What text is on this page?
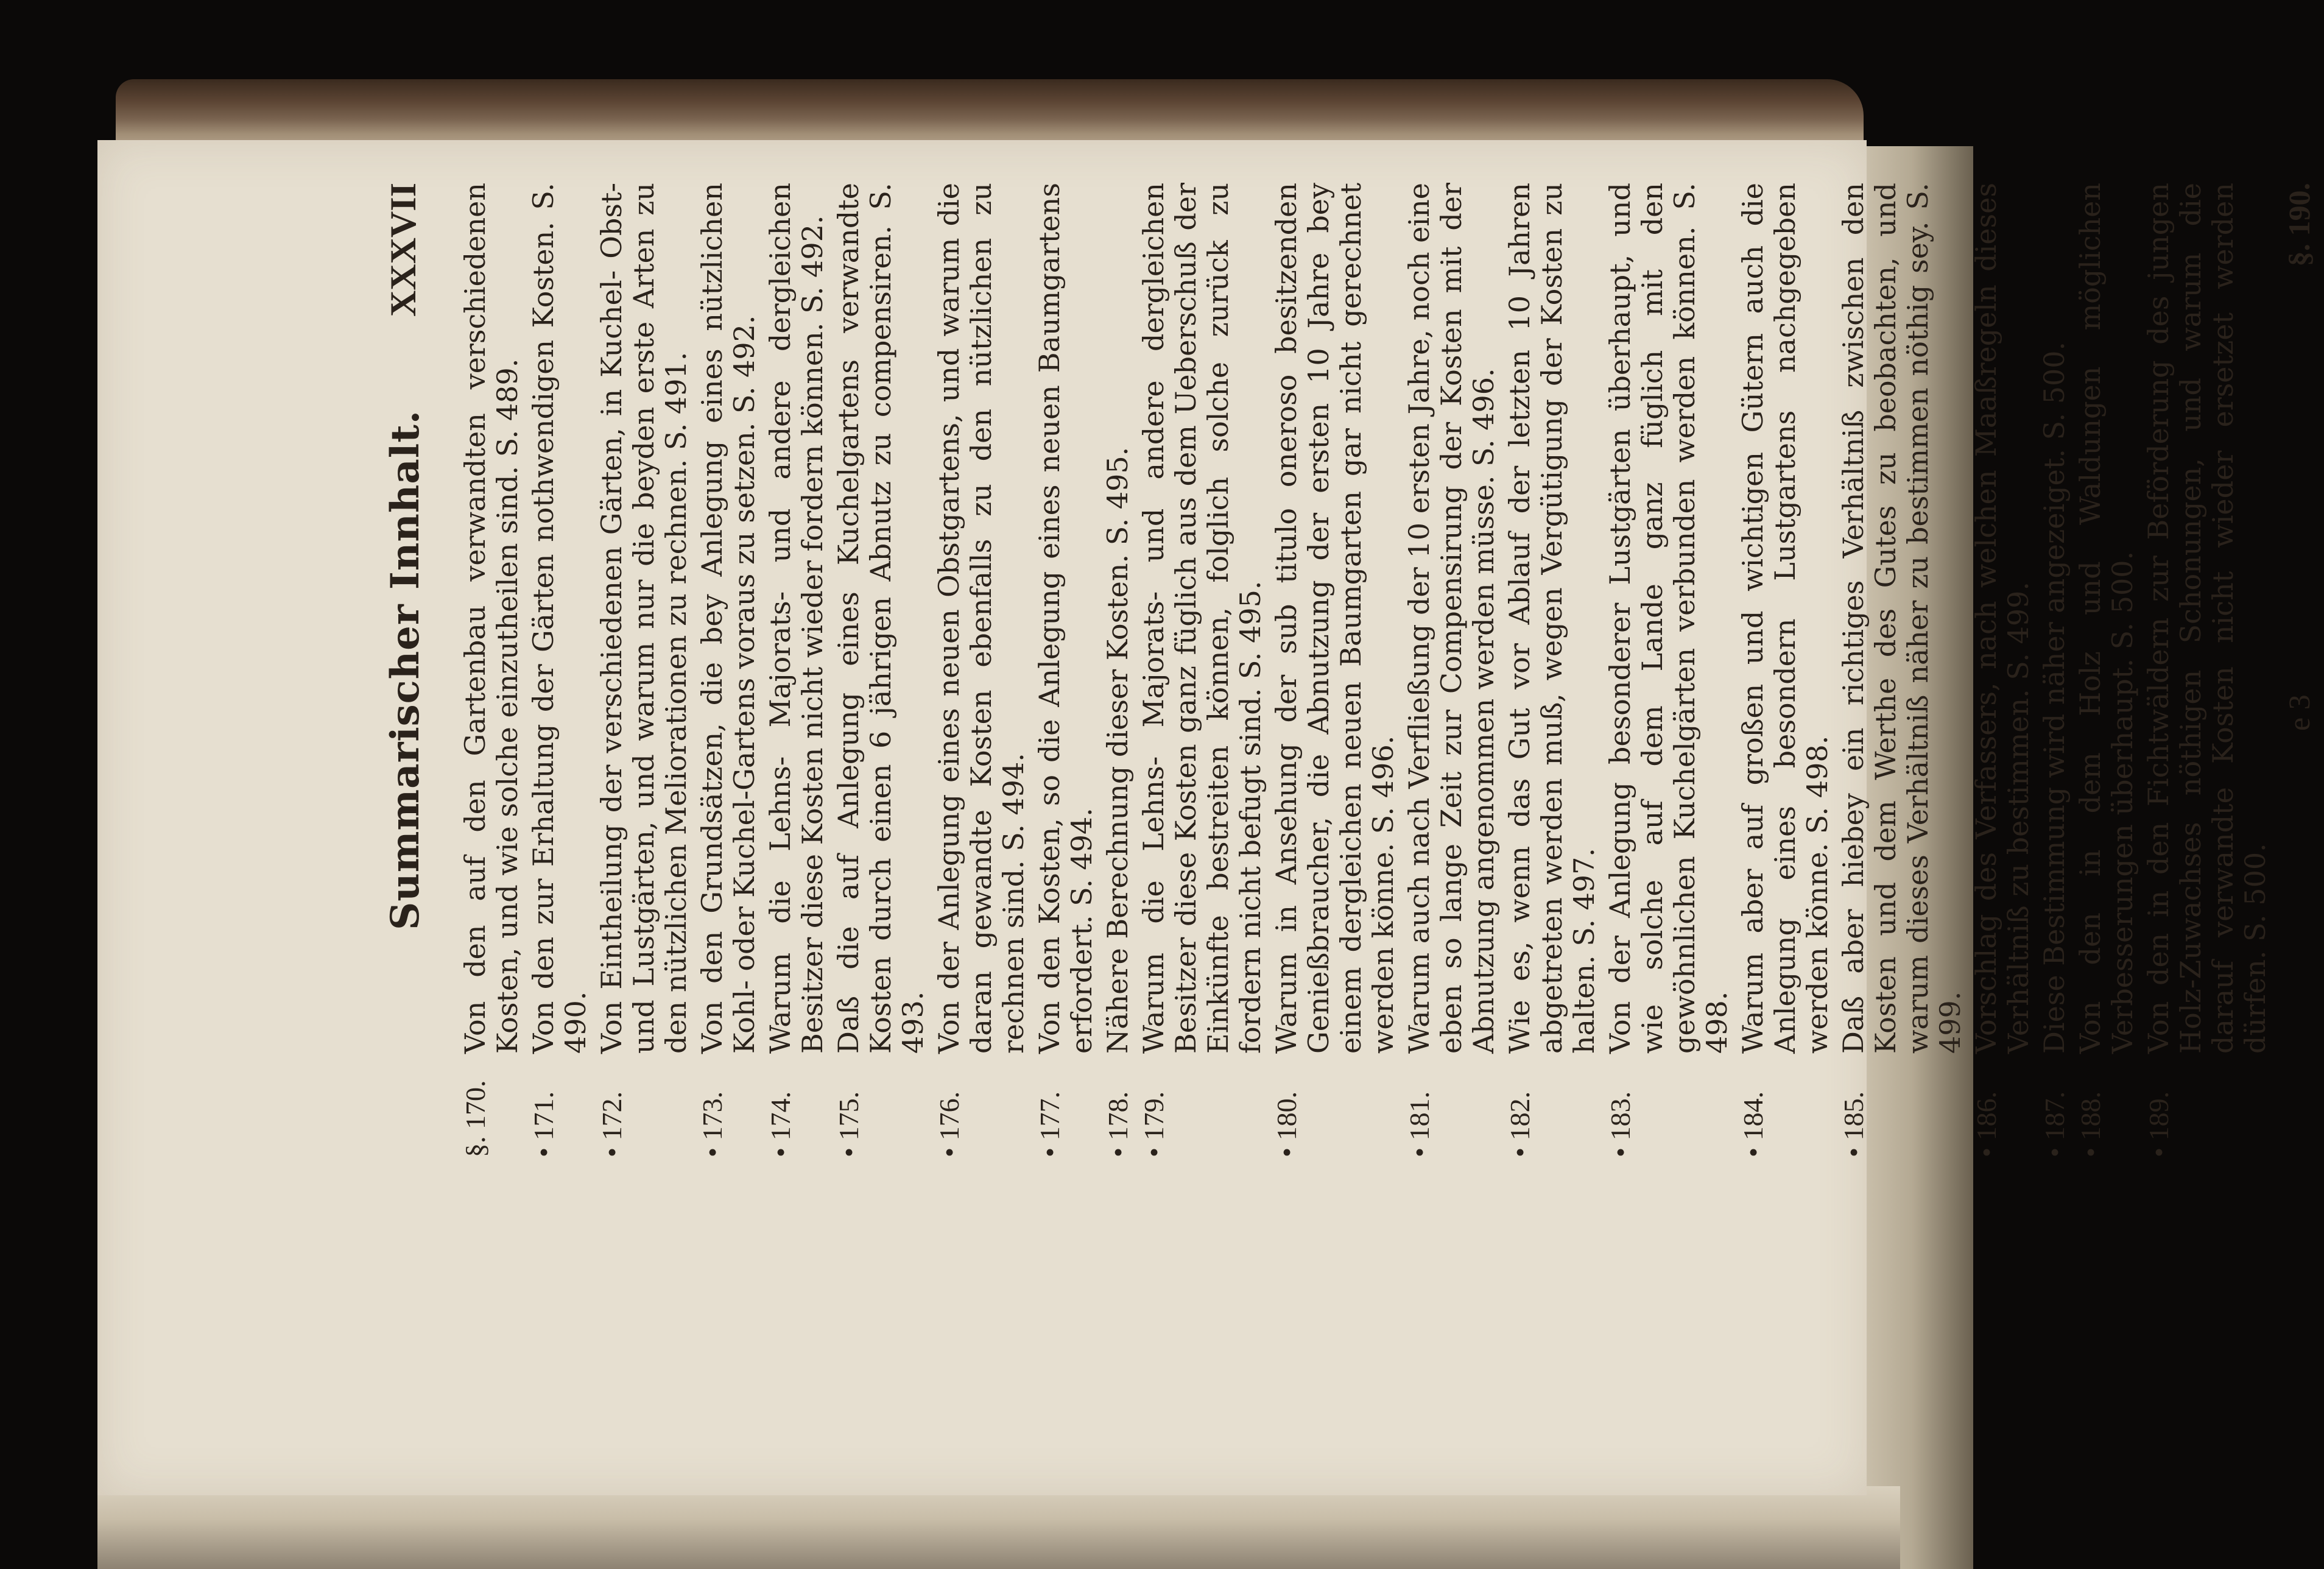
Summarischer Innhalt.
XXXVII
§. 170.
Von den auf den Gartenbau verwandten verschiedenen Kosten, und wie solche einzutheilen sind. S. 489.
• 171.
Von den zur Erhaltung der Gärten nothwendigen Kosten. S. 490.
• 172.
Von Eintheilung der verschiedenen Gärten, in Kuchel- Obst- und Lustgärten, und warum nur die beyden erste Arten zu den nützlichen Meliorationen zu rechnen. S. 491.
• 173.
Von den Grundsätzen, die bey Anlegung eines nützlichen Kohl- oder Kuchel-Gartens voraus zu setzen. S. 492.
• 174.
Warum die Lehns- Majorats- und andere dergleichen Besitzer diese Kosten nicht wieder fordern können. S. 492.
• 175.
Daß die auf Anlegung eines Kuchelgartens verwandte Kosten durch einen 6 jährigen Abnutz zu compensiren. S. 493.
• 176.
Von der Anlegung eines neuen Obstgartens, und warum die daran gewandte Kosten ebenfalls zu den nützlichen zu rechnen sind. S. 494.
• 177.
Von den Kosten, so die Anlegung eines neuen Baumgartens erfordert. S. 494.
• 178.
Nähere Berechnung dieser Kosten. S. 495.
• 179.
Warum die Lehns- Majorats- und andere dergleichen Besitzer diese Kosten ganz füglich aus dem Ueberschuß der Einkünfte bestreiten können, folglich solche zurück zu fordern nicht befugt sind. S. 495.
• 180.
Warum in Ansehung der sub titulo oneroso besitzenden Genießbraucher, die Abnutzung der ersten 10 Jahre bey einem dergleichen neuen Baumgarten gar nicht gerechnet werden könne. S. 496.
• 181.
Warum auch nach Verfließung der 10 ersten Jahre, noch eine eben so lange Zeit zur Compensirung der Kosten mit der Abnutzung angenommen werden müsse. S. 496.
• 182.
Wie es, wenn das Gut vor Ablauf der letzten 10 Jahren abgetreten werden muß, wegen Vergütigung der Kosten zu halten. S. 497.
• 183.
Von der Anlegung besonderer Lustgärten überhaupt, und wie solche auf dem Lande ganz füglich mit den gewöhnlichen Kuchelgärten verbunden werden können. S. 498.
• 184.
Warum aber auf großen und wichtigen Gütern auch die Anlegung eines besondern Lustgartens nachgegeben werden könne. S. 498.
• 185.
Daß aber hiebey ein richtiges Verhältniß zwischen den Kosten und dem Werthe des Gutes zu beobachten, und warum dieses Verhältniß näher zu bestimmen nöthig sey. S. 499.
• 186.
Vorschlag des Verfassers, nach welchen Maaßregeln dieses Verhältniß zu bestimmen. S. 499.
• 187.
Diese Bestimmung wird näher angezeiget. S. 500.
• 188.
Von den in dem Holz und Waldungen möglichen Verbesserungen überhaupt. S. 500.
• 189.
Von den in den Fichtwäldern zur Beförderung des jungen Holz-Zuwachses nöthigen Schonungen, und warum die darauf verwandte Kosten nicht wieder ersetzet werden dürfen. S. 500.
e 3
§. 190.
